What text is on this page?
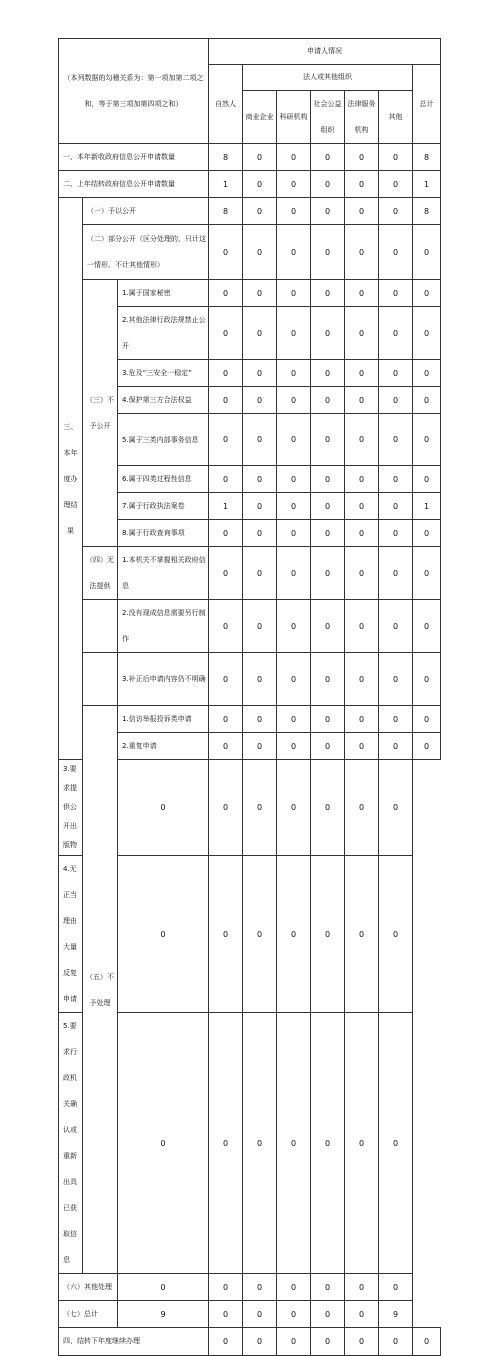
（本列数据的勾稽关系为：第一项加第二项之和，等于第三项加第四项之和）			申请人情况						
			自然人	法人或其他组织					总计
				商业企业	科研机构	社会公益组织	法律服务机构	其他	

一、本年新收政府信息公开申请数量			8	0	0	0	0	0	8
二、上年结转政府信息公开申请数量			1	0	0	0	0	0	1
三、本年度办理结果	（一）予以公开		8	0	0	0	0	0	8
	（二）部分公开（区分处理的，只计这一情形，不计其他情形）		0	0	0	0	0	0	0
	（三）不予公开	1.属于国家秘密	0	0	0	0	0	0	0
		2.其他法律行政法规禁止公开	0	0	0	0	0	0	0
		3.危及“三安全一稳定”	0	0	0	0	0	0	0
		4.保护第三方合法权益	0	0	0	0	0	0	0
		5.属于三类内部事务信息	0	0	0	0	0	0	0
		6.属于四类过程性信息	0	0	0	0	0	0	0
		7.属于行政执法案卷	1	0	0	0	0	0	1
		8.属于行政查询事项	0	0	0	0	0	0	0
	（四）无法提供	1.本机关不掌握相关政府信息	0	0	0	0	0	0	0
		2.没有现成信息需要另行制作	0	0	0	0	0	0	0
		3.补正后申请内容仍不明确	0	0	0	0	0	0	0
	（五）不予处理	1.信访举报投诉类申请	0	0	0	0	0	0	0
		2.重复申请	0	0	0	0	0	0	0
3.要求提供公开出版物		0	0	0	0	0	0	0	
4.无正当理由大量反复申请		0	0	0	0	0	0	0	
5.要求行政机关确认或重新出具已获取信息		0	0	0	0	0	0	0	
（六）其他处理		0	0	0	0	0	0	0	
（七）总计		9	0	0	0	0	0	9	
四、结转下年度继续办理			0	0	0	0	0	0	0
